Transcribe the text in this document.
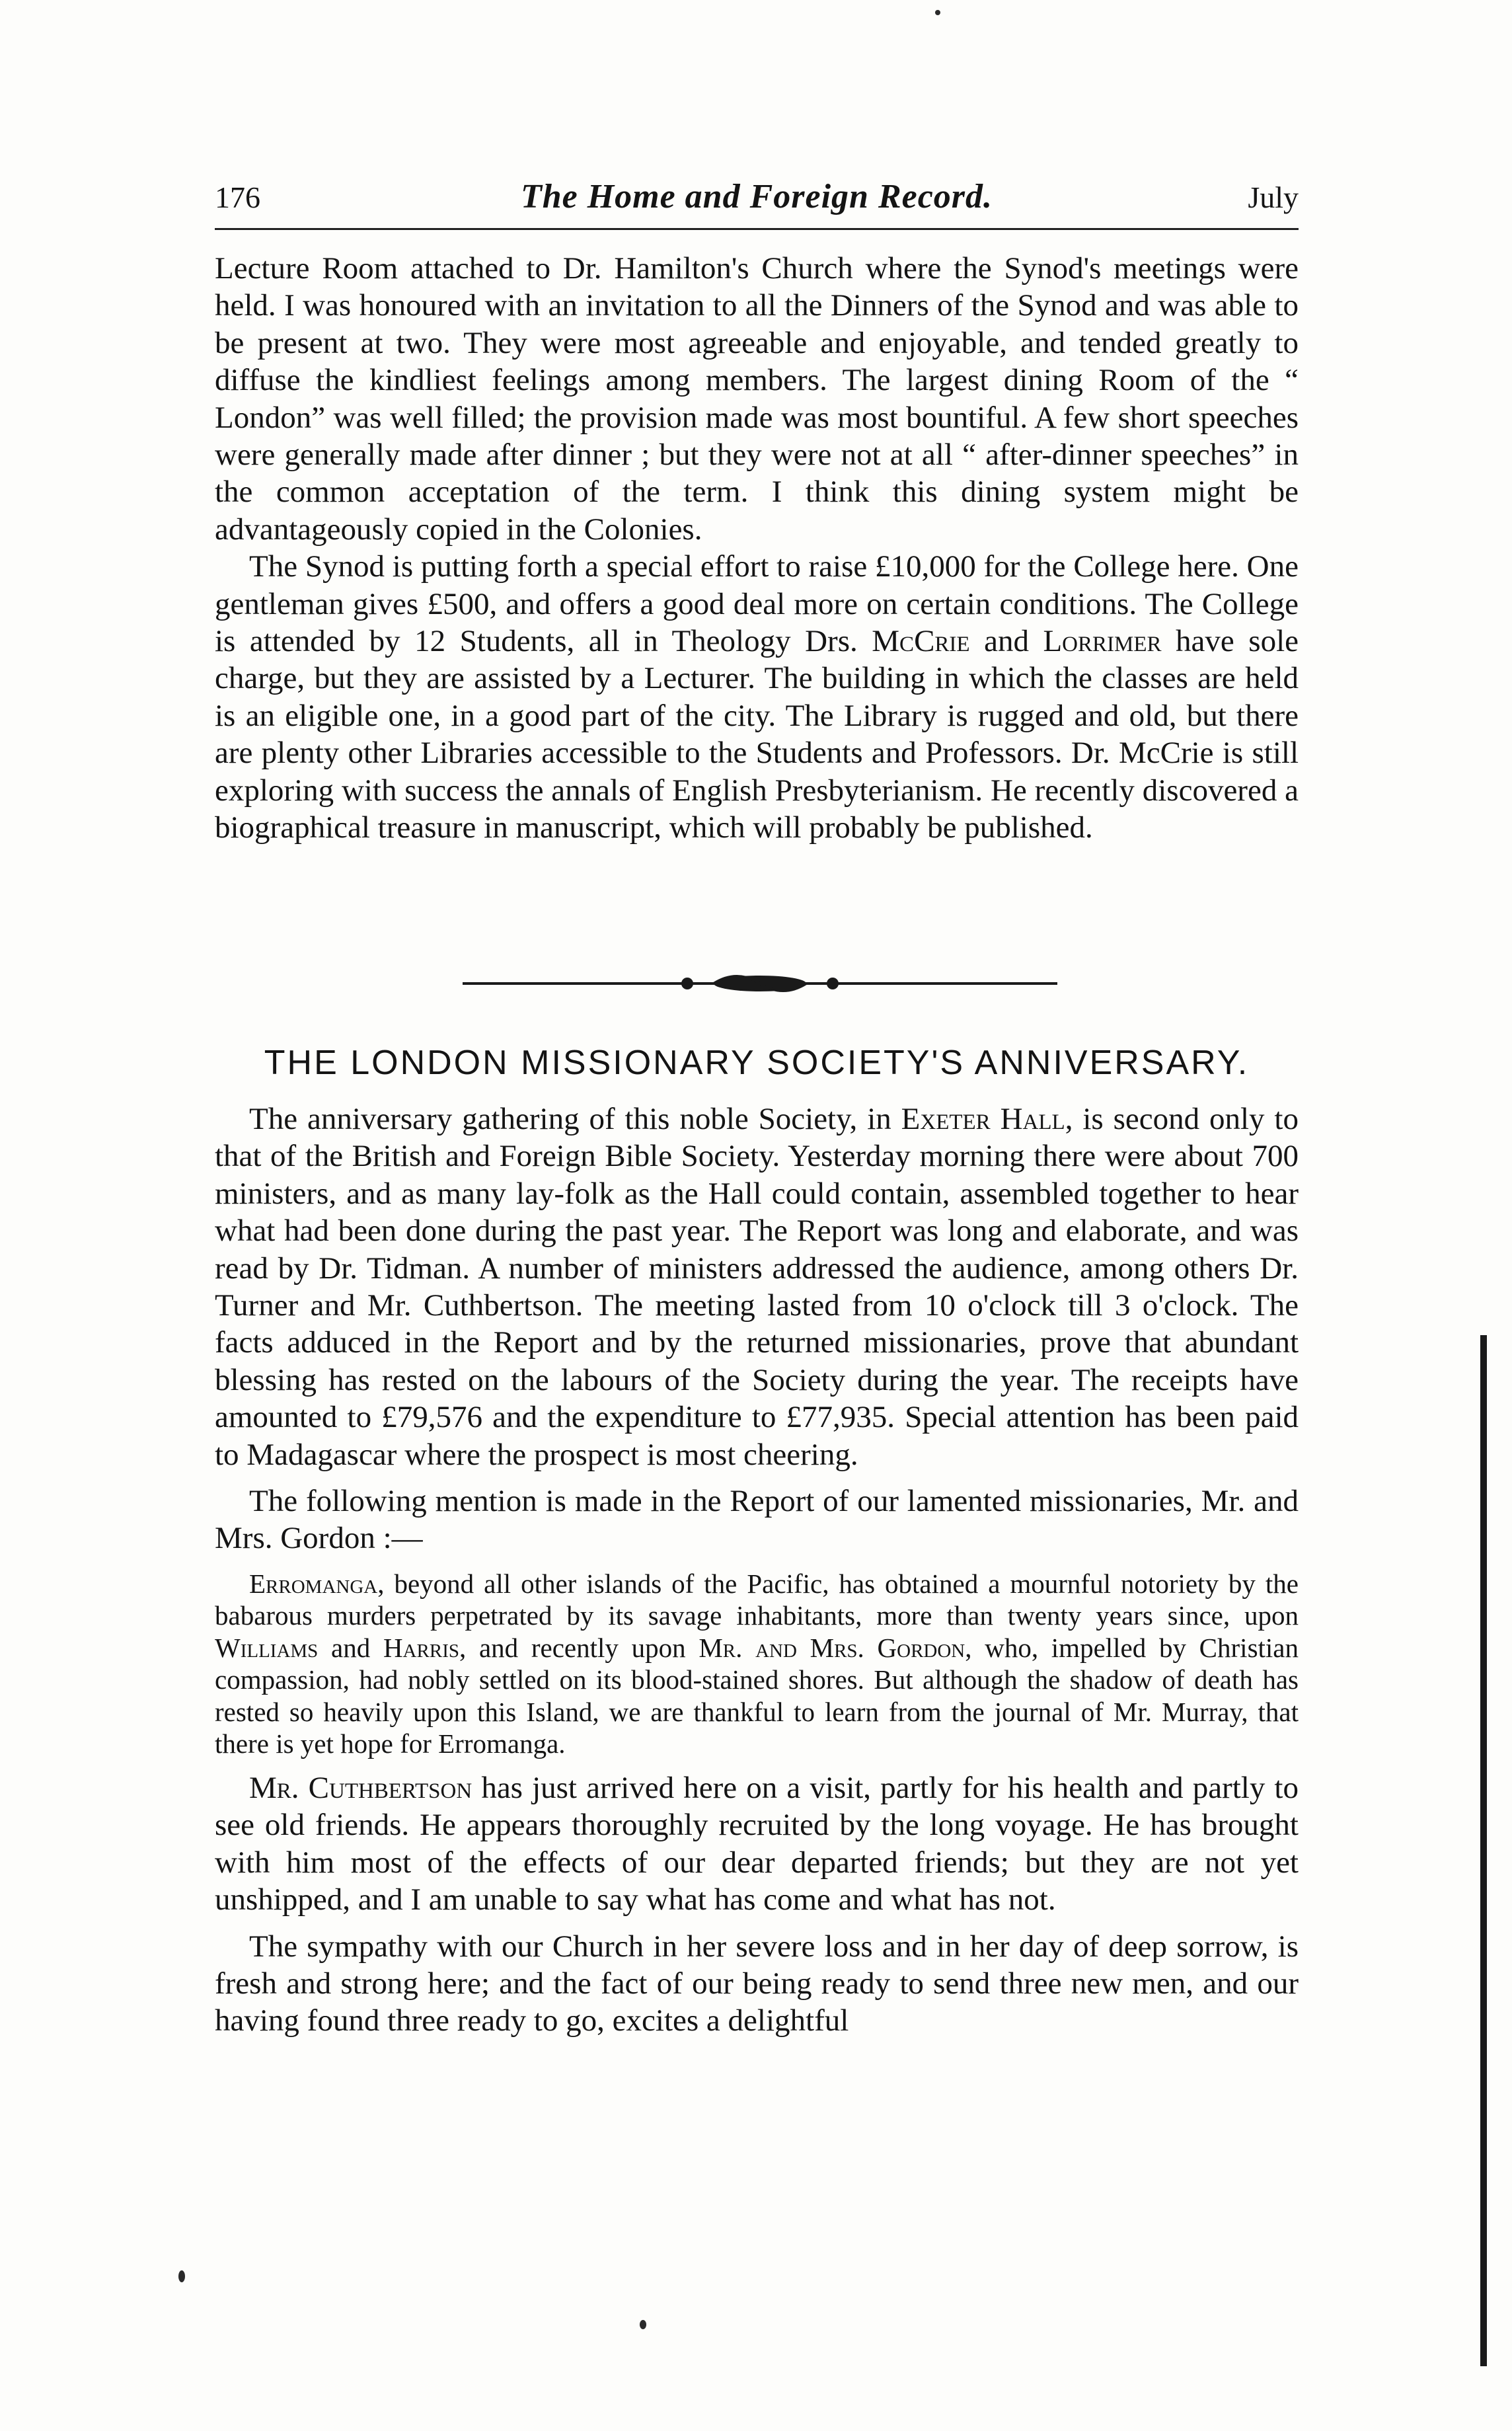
176	The Home and Foreign Record.	July

Lecture Room attached to Dr. Hamilton's Church where the Synod's meetings were held. I was honoured with an invitation to all the Dinners of the Synod and was able to be present at two. They were most agreeable and enjoyable, and tended greatly to diffuse the kindliest feelings among members. The largest dining Room of the “ London” was well filled; the provision made was most bountiful. A few short speeches were generally made after dinner ; but they were not at all “ after-dinner speeches” in the common acceptation of the term. I think this dining system might be advantageously copied in the Colonies.

The Synod is putting forth a special effort to raise £10,000 for the College here. One gentleman gives £500, and offers a good deal more on certain conditions. The College is attended by 12 Students, all in Theology Drs. McCrie and Lorrimer have sole charge, but they are assisted by a Lecturer. The building in which the classes are held is an eligible one, in a good part of the city. The Library is rugged and old, but there are plenty other Libraries accessible to the Students and Professors. Dr. McCrie is still exploring with success the annals of English Presbyterianism. He recently discovered a biographical treasure in manuscript, which will probably be published.

THE LONDON MISSIONARY SOCIETY'S ANNIVERSARY.

The anniversary gathering of this noble Society, in Exeter Hall, is second only to that of the British and Foreign Bible Society. Yesterday morning there were about 700 ministers, and as many lay-folk as the Hall could contain, assembled together to hear what had been done during the past year. The Report was long and elaborate, and was read by Dr. Tidman. A number of ministers addressed the audience, among others Dr. Turner and Mr. Cuthbertson. The meeting lasted from 10 o'clock till 3 o'clock. The facts adduced in the Report and by the returned missionaries, prove that abundant blessing has rested on the labours of the Society during the year. The receipts have amounted to £79,576 and the expenditure to £77,935. Special attention has been paid to Madagascar where the prospect is most cheering.

The following mention is made in the Report of our lamented missionaries, Mr. and Mrs. Gordon :—

Erromanga, beyond all other islands of the Pacific, has obtained a mournful notoriety by the babarous murders perpetrated by its savage inhabitants, more than twenty years since, upon Williams and Harris, and recently upon Mr. and Mrs. Gordon, who, impelled by Christian compassion, had nobly settled on its blood-stained shores. But although the shadow of death has rested so heavily upon this Island, we are thankful to learn from the journal of Mr. Murray, that there is yet hope for Erromanga.

Mr. Cuthbertson has just arrived here on a visit, partly for his health and partly to see old friends. He appears thoroughly recruited by the long voyage. He has brought with him most of the effects of our dear departed friends; but they are not yet unshipped, and I am unable to say what has come and what has not.

The sympathy with our Church in her severe loss and in her day of deep sorrow, is fresh and strong here; and the fact of our being ready to send three new men, and our having found three ready to go, excites a delightful
